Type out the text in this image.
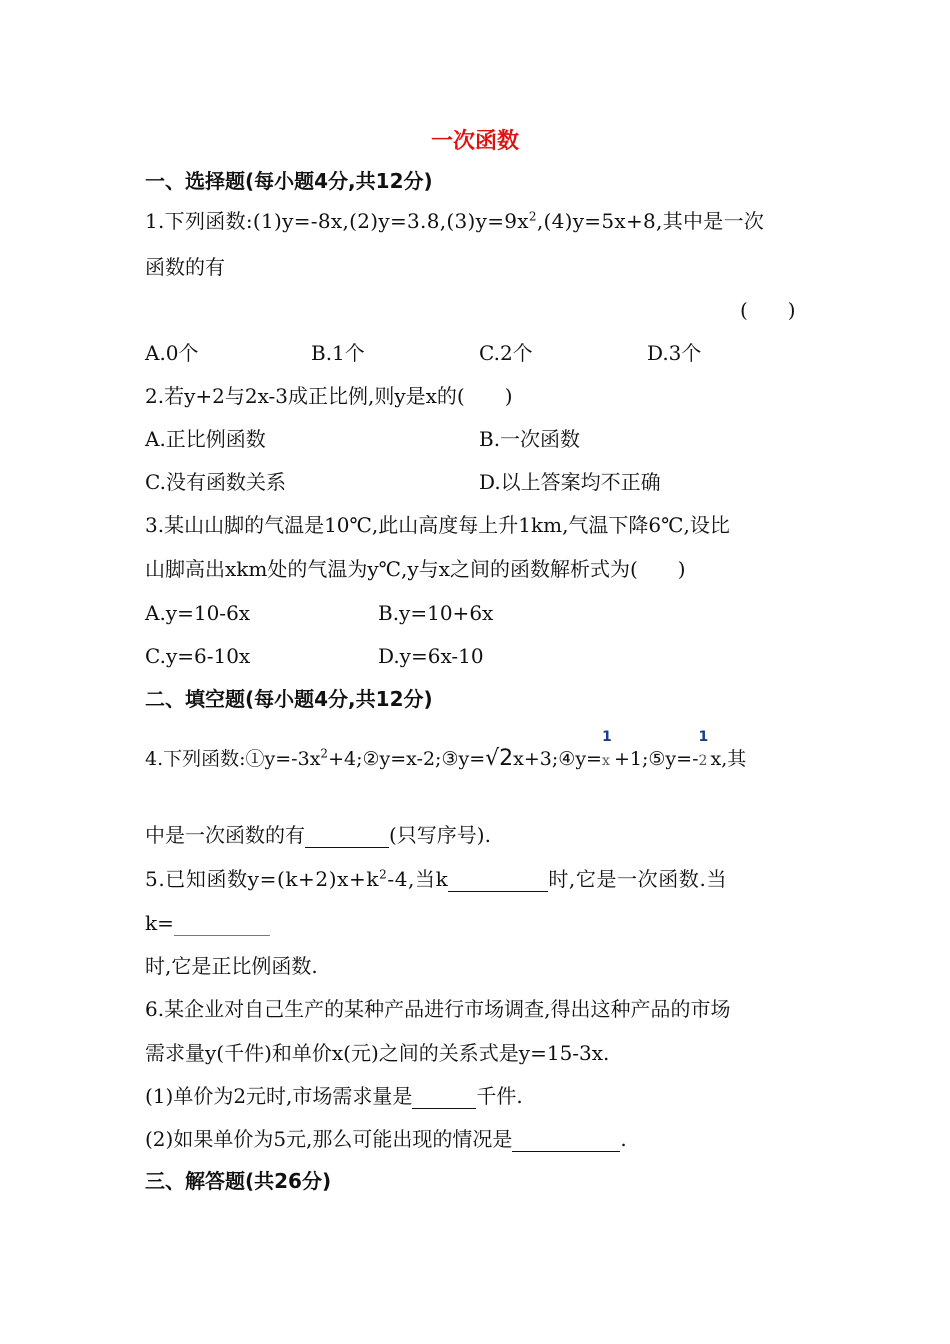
一次函数
一、选择题(每小题4分,共12分)
1.下列函数$:(1)y=-8x,(2)y=3.8,(3)y=9x^2,(4)y=5x+8$,其中是一次
函数的有
(　　)
A.0个	B.1个	C.2个	D.3个
2.若y+2与2x-3成正比例,则y是x的(　　)
A.正比例函数	B.一次函数
C.没有函数关系	D.以上答案均不正确
3.某山山脚的气温是10℃,此山高度每上升1km,气温下降6℃,设比
山脚高出xkm处的气温为y℃,y与x之间的函数解析式为(　　)
A.y=10-6x	B.y=10+6x
C.y=6-10x	D.y=6x-10
二、填空题(每小题4分,共12分)
4.下列函数$:①y=-3x^2+4;②y=x-2;③y=√2x+3;④y=$
1
x +1;⑤y=-
1
2 x,其
中是一次函数的有	(只写序号).
5.已知函数$y=(k+2)x+k^2-4$,当k	时,它是一次函数.当
k=
时,它是正比例函数.
6.某企业对自己生产的某种产品进行市场调查,得出这种产品的市场
需求量y(千件)和单价x(元)之间的关系式是y=15-3x.
(1)单价为2元时,市场需求量是	千件.
(2)如果单价为5元,那么可能出现的情况是	.
三、解答题(共26分)
